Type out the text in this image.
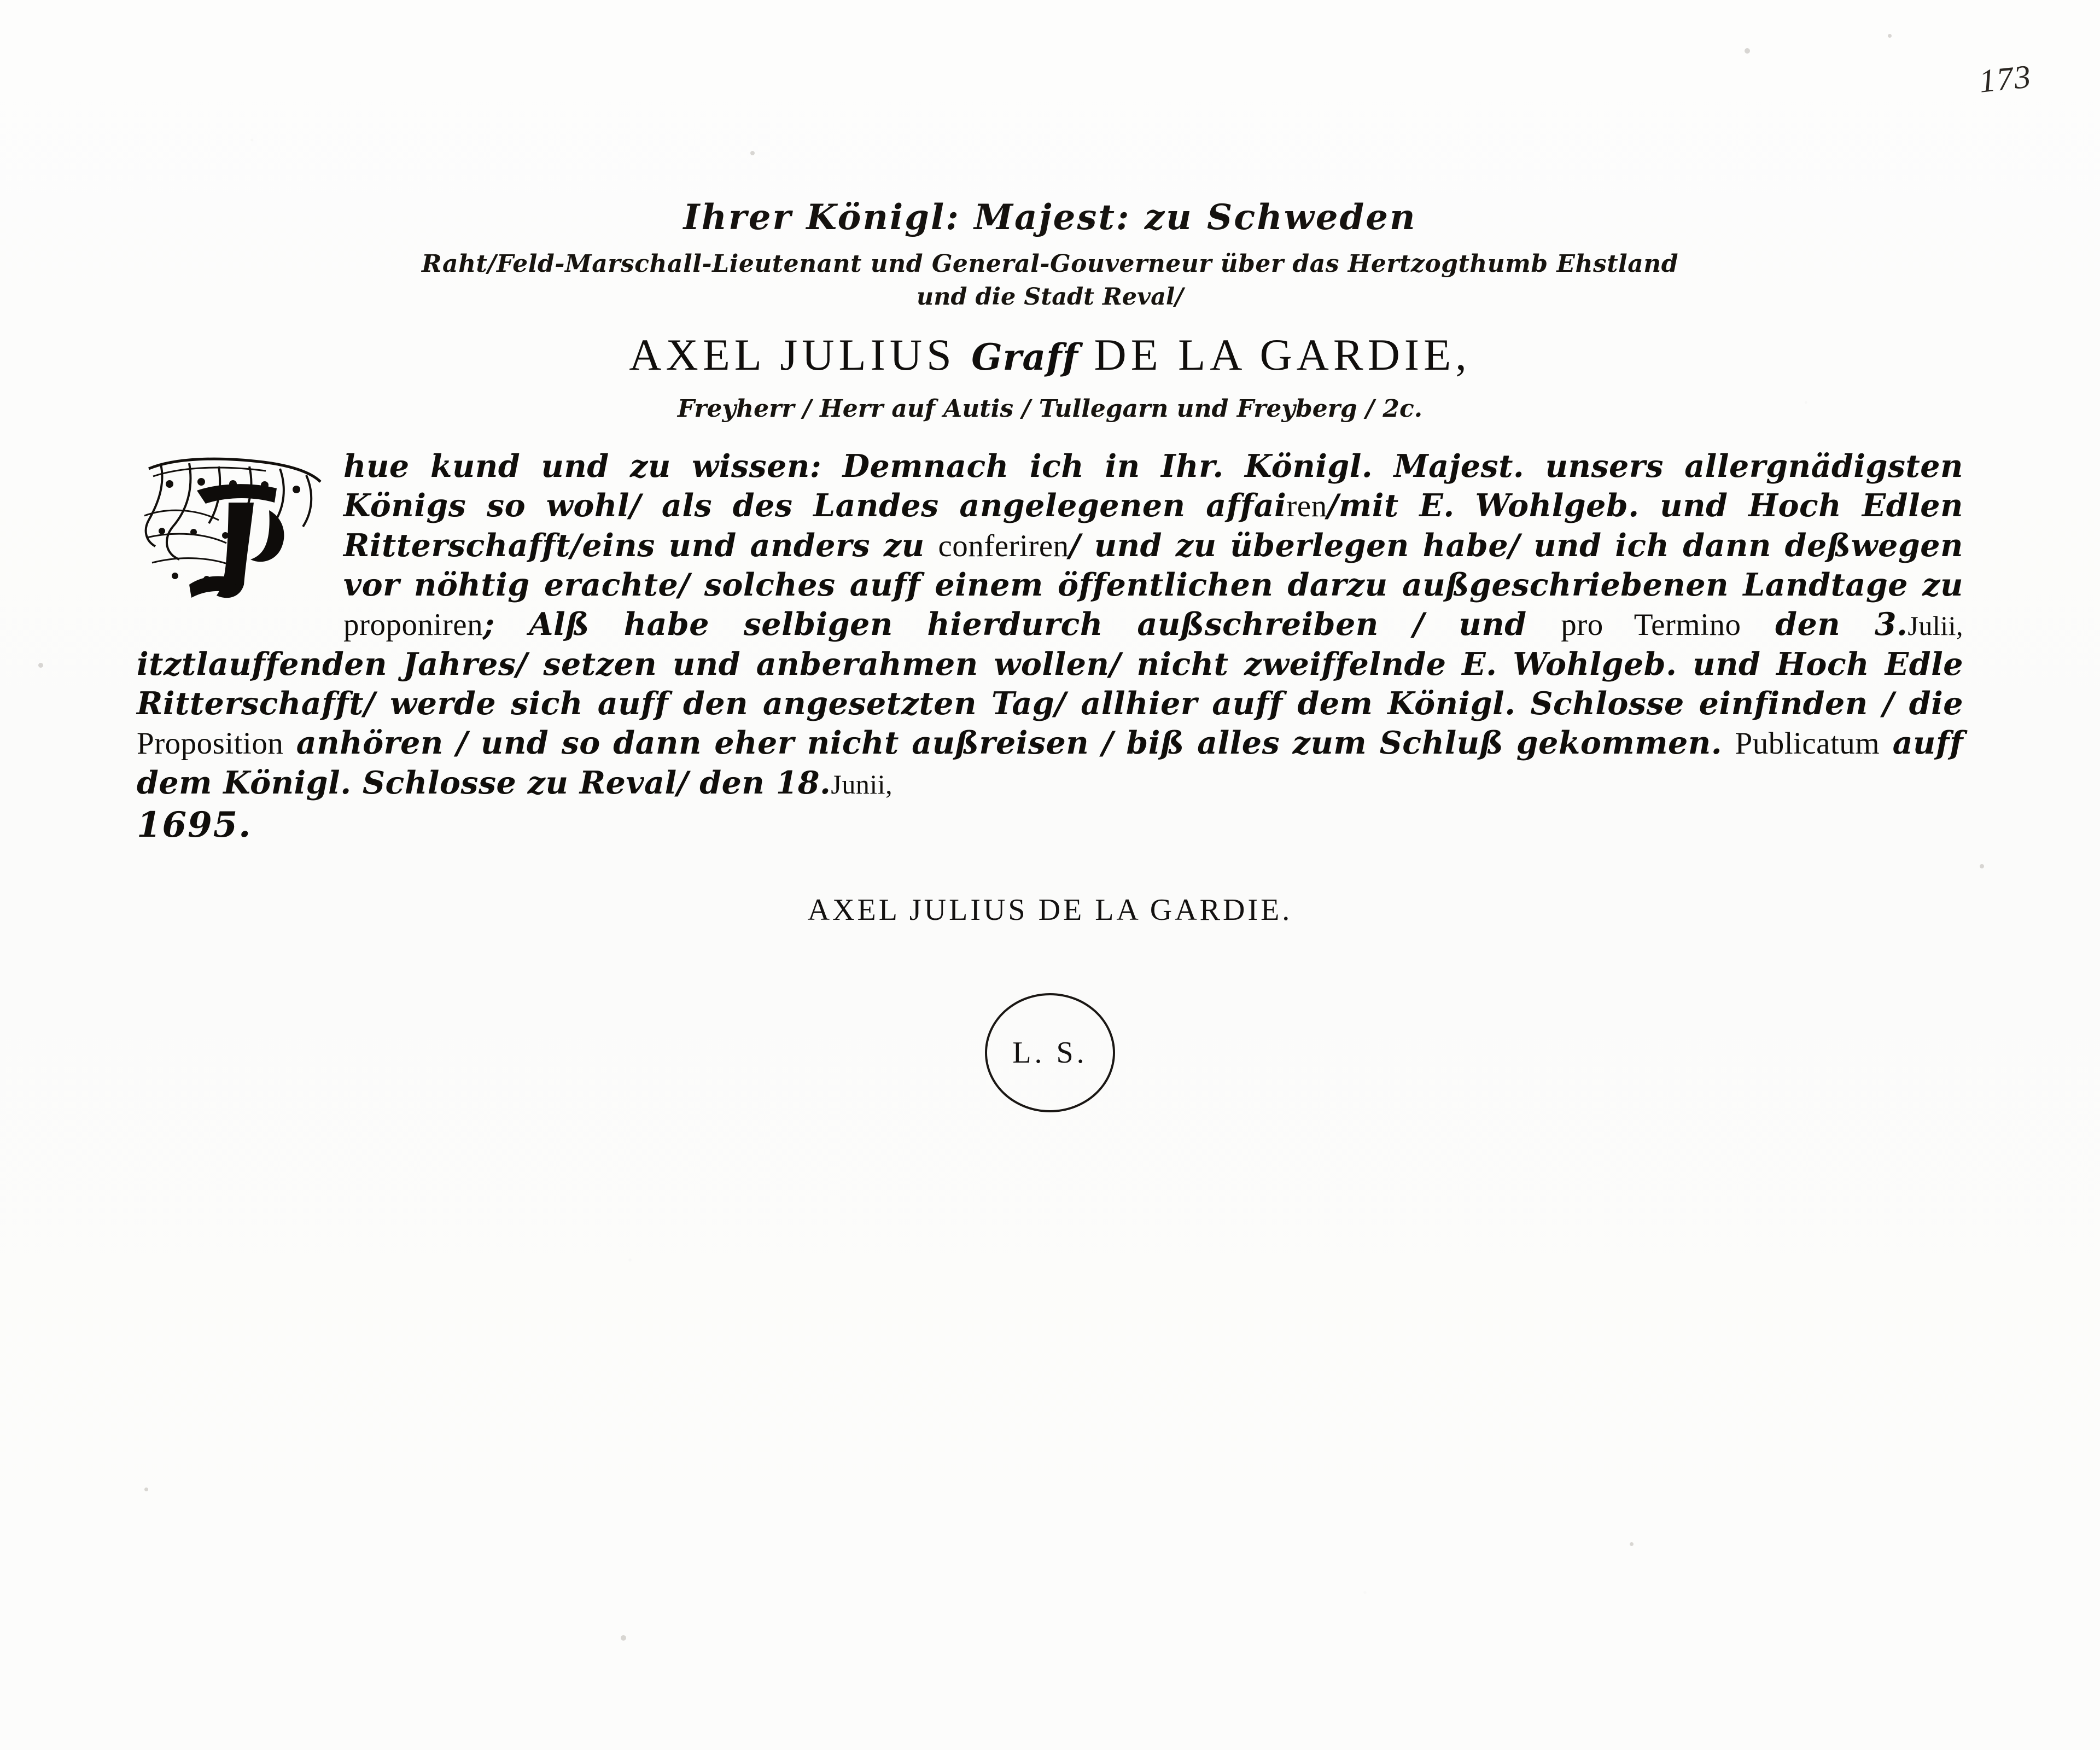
173
Ihrer Königl: Majest: zu Schweden
Raht/Feld-Marschall-Lieutenant und General-Gouverneur über das Hertzogthumb Ehstland
und die Stadt Reval/
AXEL JULIUS Graff DE LA GARDIE,
Freyherr / Herr auf Autis / Tullegarn und Freyberg / 2c.
hue kund und zu wissen: Demnach ich in Ihr. Königl. Majest. unsers allergnädigsten Königs so wohl/ als des Landes angelegenen affairen/mit E. Wohlgeb. und Hoch Edlen Ritterschafft/eins und anders zu conferiren/ und zu überlegen habe/ und ich dann deßwegen vor nöhtig erachte/ solches auff einem öffentlichen darzu außgeschriebenen Landtage zu proponiren; Alß habe selbigen hierdurch außschreiben / und pro Termino den 3.Julii, itztlauffenden Jahres/ setzen und anberahmen wollen/ nicht zweiffelnde E. Wohlgeb. und Hoch Edle Ritterschafft/ werde sich auff den angesetzten Tag/ allhier auff dem Königl. Schlosse einfinden / die Proposition anhören / und so dann eher nicht außreisen / biß alles zum Schluß gekommen. Publicatum auff dem Königl. Schlosse zu Reval/ den 18.Junii,
1695.
AXEL JULIUS DE LA GARDIE.
L. S.
